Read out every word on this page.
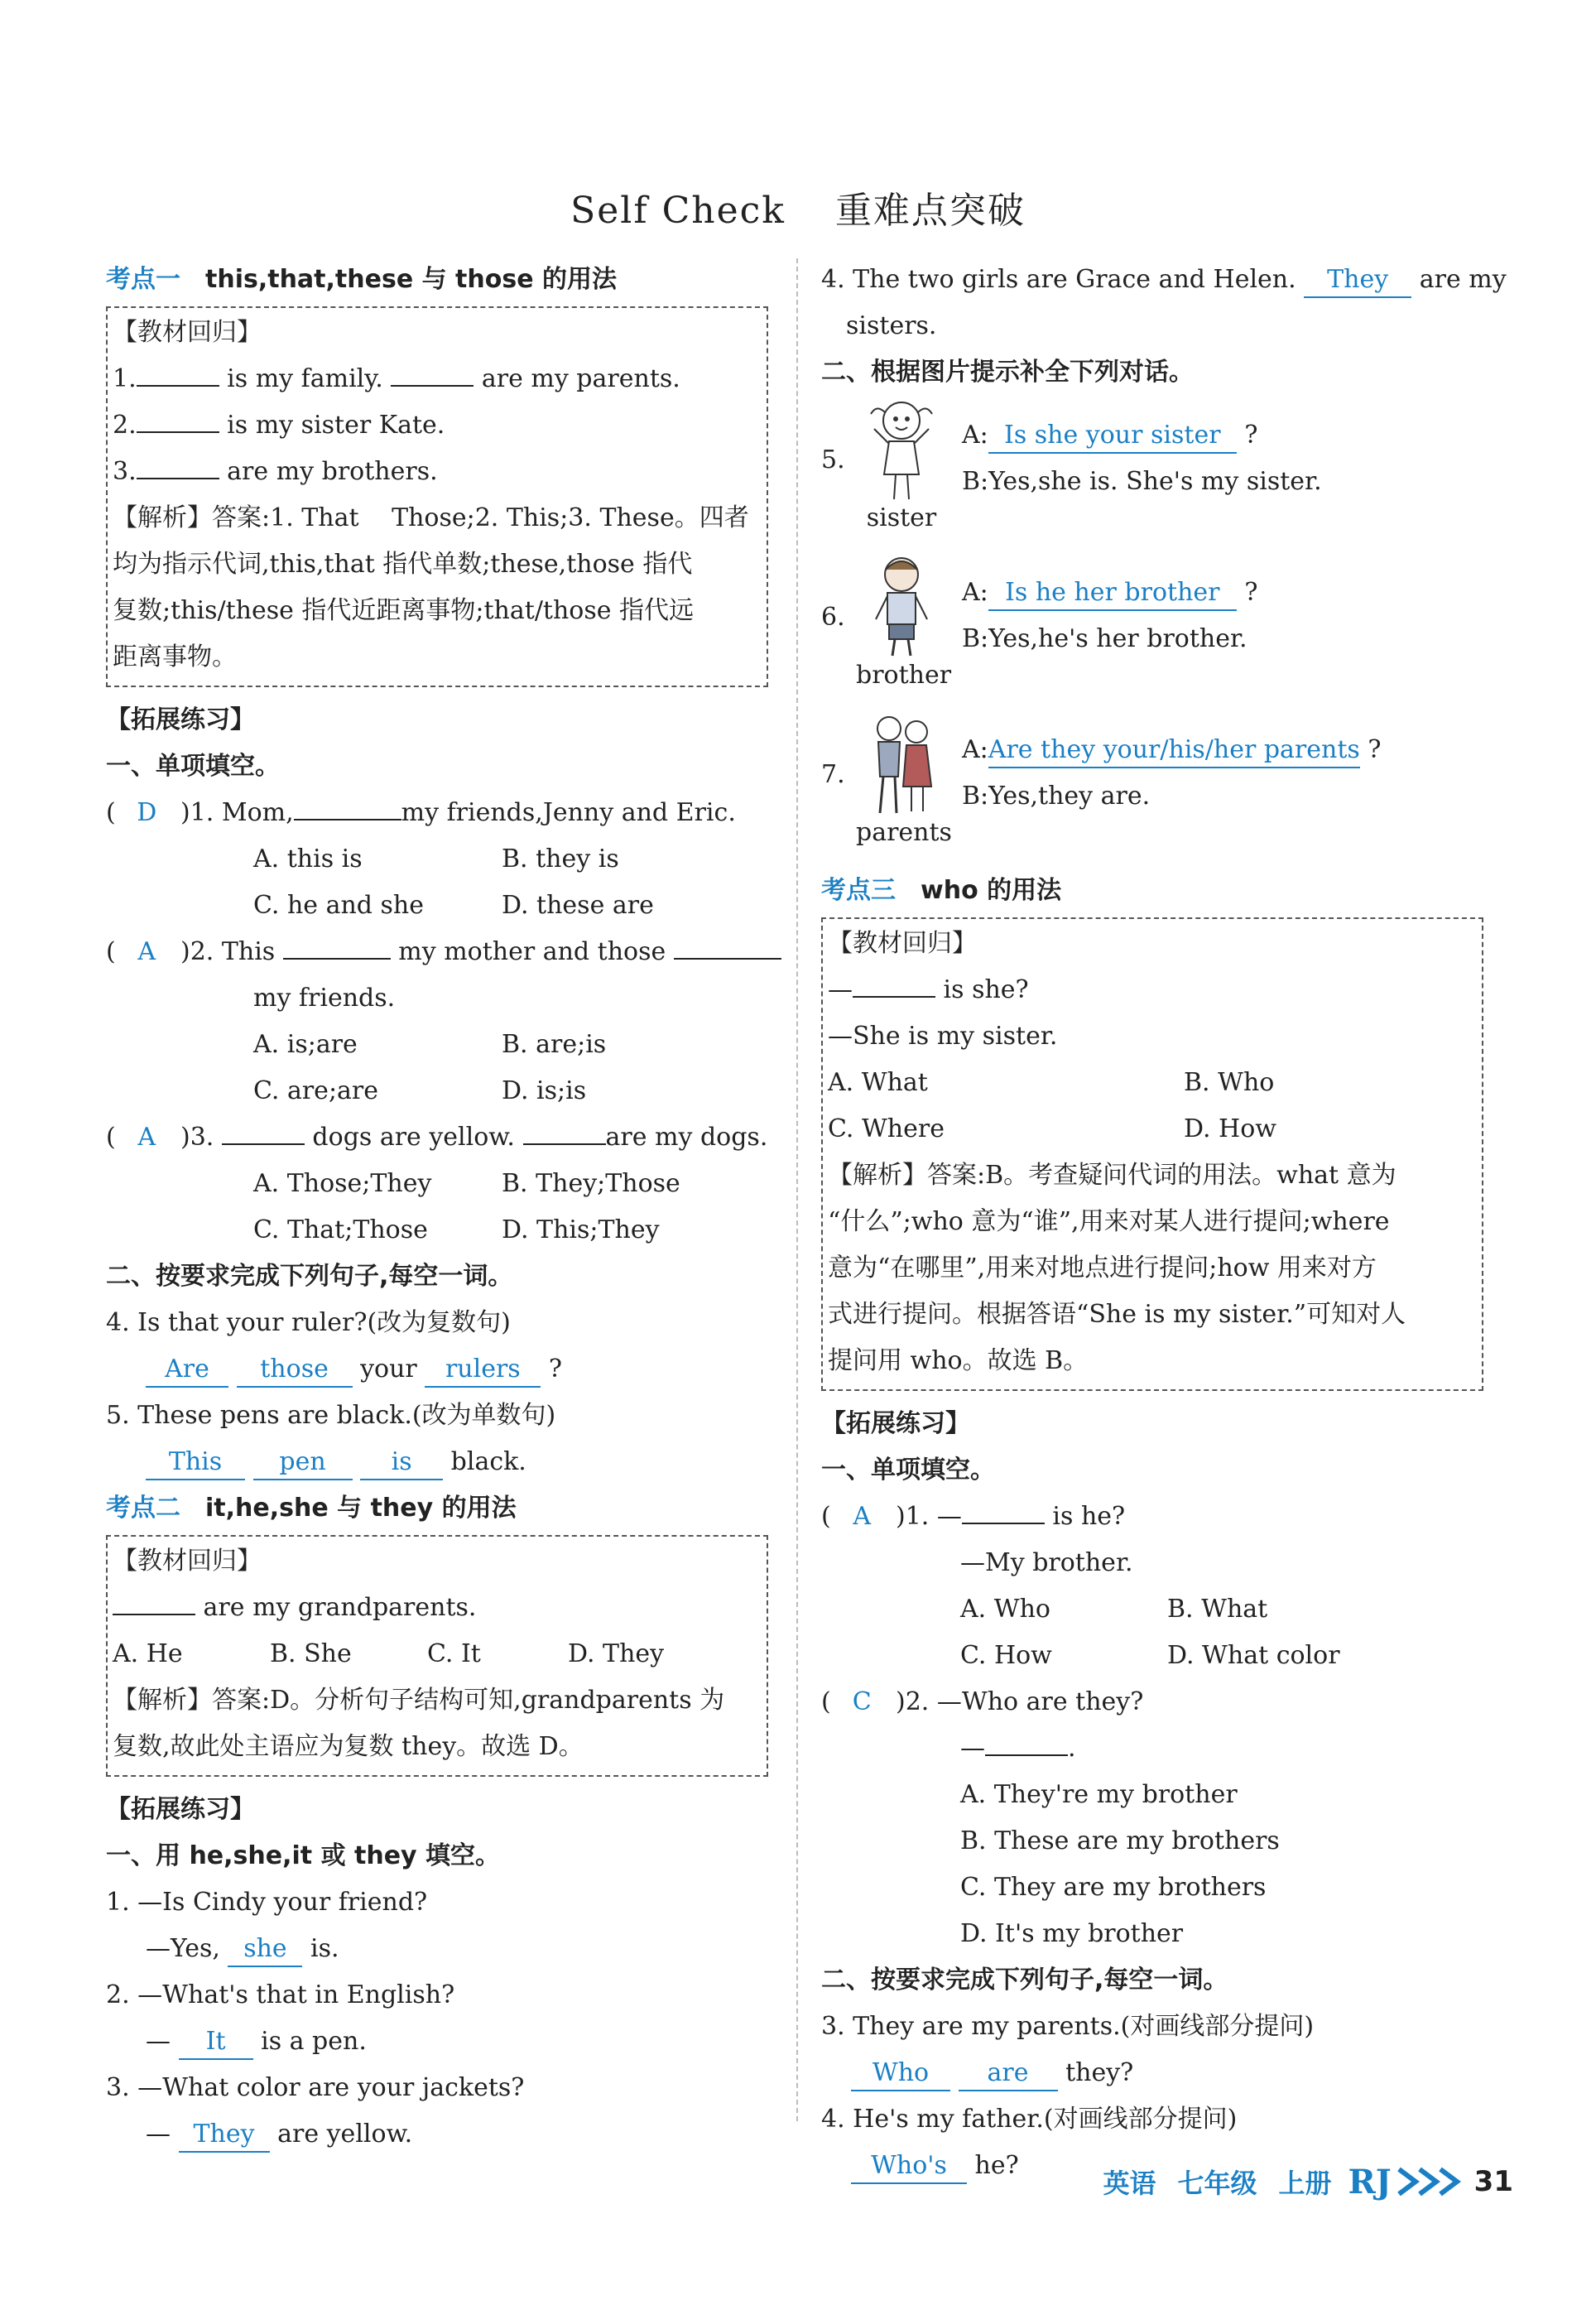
Self Check 重难点突破
考点一 this,that,these 与 those 的用法
【教材回归】
1.	is my family.	are my parents.
2.	is my sister Kate.
3.	are my brothers.
【解析】答案:1. That　 Those;2. This;3. These。四者
均为指示代词,this,that 指代单数;these,those 指代
复数;this/these 指代近距离事物;that/those 指代远
距离事物。
【拓展练习】
一、单项填空。
( D )1. Mom,	my friends,Jenny and Eric.
A. this is	B. they is
C. he and she	D. these are
( A )2. This	my mother and those
my friends.
A. is;are	B. are;is
C. are;are	D. is;is
( A )3.	dogs are yellow.	are my dogs.
A. Those;They	B. They;Those
C. That;Those	D. This;They
二、按要求完成下列句子,每空一词。
4. Is that your ruler?(改为复数句)
Are those your rulers ?
5. These pens are black.(改为单数句)
This pen	is black.
考点二 it,he,she 与 they 的用法
【教材回归】
are my grandparents.
A. He	B. She	C. It	D. They
【解析】答案:D。分析句子结构可知,grandparents 为
复数,故此处主语应为复数 they。故选 D。
【拓展练习】
一、用 he,she,it 或 they 填空。
1. —Is Cindy your friend?
—Yes, she is.
2. —What's that in English?
— It is a pen.
3. —What color are your jackets?
— They are yellow.
4. The two girls are Grace and Helen. They are my
sisters.
二、根据图片提示补全下列对话。
5.
sister
A: Is she your sister ?
B:Yes,she is. She's my sister.
6.
brother
A: Is he her brother ?
B:Yes,he's her brother.
7.
parents
A:Are they your/his/her parents ?
B:Yes,they are.
考点三 who 的用法
【教材回归】
—	is she?
—She is my sister.
A. What	B. Who
C. Where	D. How
【解析】答案:B。考查疑问代词的用法。what 意为
“什么”;who 意为“谁”,用来对某人进行提问;where
意为“在哪里”,用来对地点进行提问;how 用来对方
式进行提问。根据答语“She is my sister.”可知对人
提问用 who。故选 B。
【拓展练习】
一、单项填空。
( A )1. —	is he?
—My brother.
A. Who	B. What
C. How	D. What color
( C )2. —Who are they?
—	.
A. They're my brother
B. These are my brothers
C. They are my brothers
D. It's my brother
二、按要求完成下列句子,每空一词。
3. They are my parents.(对画线部分提问)
Who are they?
4. He's my father.(对画线部分提问)
Who's he?
英语 七年级 上册 RJ	31
